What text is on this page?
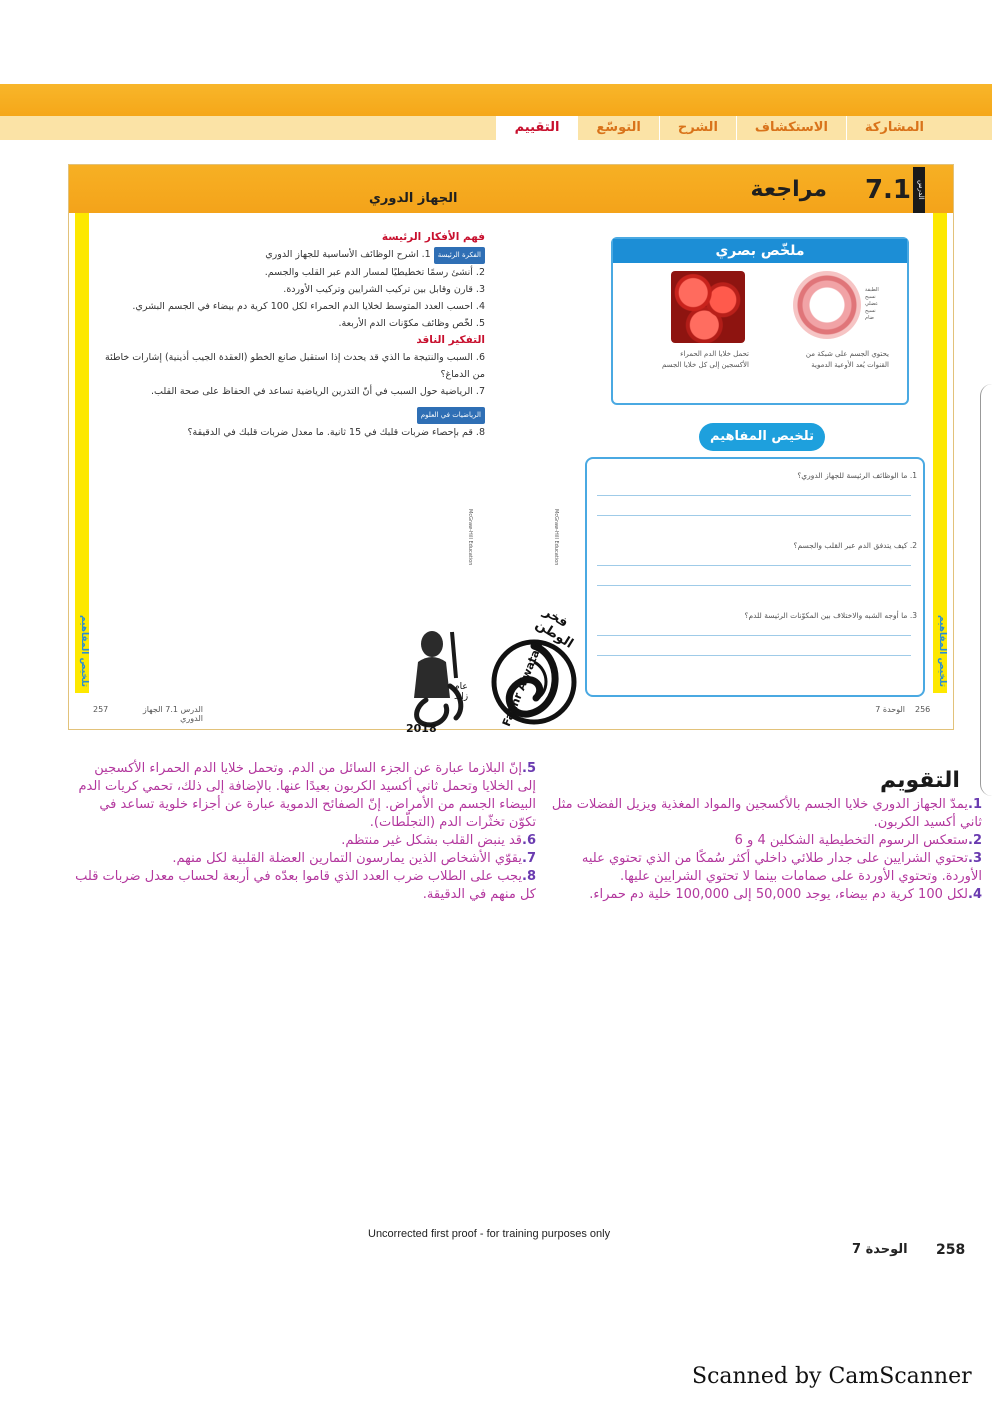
المشاركة
الاستكشاف
الشرح
التوسّع
التقييم
تلخيص المفاهيم	تلخيص المفاهيم
الدرس
7.1
مراجعة
الجهاز الدوري
فهم الأفكار الرئيسة
الفكرة الرئيسة 1. اشرح الوظائف الأساسية للجهاز الدوري
2. أنشئ رسمًا تخطيطيًا لمسار الدم عبر القلب والجسم.
3. قارن وقابل بين تركيب الشرايين وتركيب الأوردة.
4. احسب العدد المتوسط لخلايا الدم الحمراء لكل 100 كرية دم بيضاء في الجسم البشري.
5. لخّص وظائف مكوّنات الدم الأربعة.
التفكير الناقد
6. السبب والنتيجة ما الذي قد يحدث إذا استقبل صانع الخطو (العقدة الجيب أذينية) إشارات خاطئة من الدماغ؟
7. الرياضية حول السبب في أنّ التدرين الرياضية تساعد في الحفاظ على صحة القلب.
الرياضيات في العلوم
8. قم بإحصاء ضربات قلبك في 15 ثانية. ما معدل ضربات قلبك في الدقيقة؟
ملخّص بصري
الطبقة
نسيج
عضلي
نسيج
ضام
تحمل خلايا الدم الحمراء الأكسجين إلى كل خلايا الجسم
يحتوي الجسم على شبكة من القنوات يُعد الأوعية الدموية
تلخيص المفاهيم
1. ما الوظائف الرئيسة للجهاز الدوري؟
2. كيف يتدفق الدم عبر القلب والجسم؟
3. ما أوجه الشبه والاختلاف بين المكوّنات الرئيسة للدم؟
McGraw-Hill Education	McGraw-Hill Education
257	الدرس 7.1 الجهاز الدوري
الوحدة 7 256
2018
عام زايد
فخر الوطن
Fakhr Alwatan
التقويم

1.يمدّ الجهاز الدوري خلايا الجسم بالأكسجين والمواد المغذية ويزيل الفضلات مثل ثاني أكسيد الكربون.

2.ستعكس الرسوم التخطيطية الشكلين 4 و 6

3.تحتوي الشرايين على جدار طلائي داخلي أكثر سُمكًا من الذي تحتوي عليه الأوردة. وتحتوي الأوردة على صمامات بينما لا تحتوي الشرايين عليها.

4.لكل 100 كرية دم بيضاء، يوجد 50,000 إلى 100,000 خلية دم حمراء.

5.إنّ البلازما عبارة عن الجزء السائل من الدم. وتحمل خلايا الدم الحمراء الأكسجين إلى الخلايا وتحمل ثاني أكسيد الكربون بعيدًا عنها. بالإضافة إلى ذلك، تحمي كريات الدم البيضاء الجسم من الأمراض. إنّ الصفائح الدموية عبارة عن أجزاء خلوية تساعد في تكوّن تخثّرات الدم (التجلّطات).

6.قد ينبض القلب بشكل غير منتظم.

7.يقوّي الأشخاص الذين يمارسون التمارين العضلة القلبية لكل منهم.

8.يجب على الطلاب ضرب العدد الذي قاموا بعدّه في أربعة لحساب معدل ضربات قلب كل منهم في الدقيقة.

Uncorrected first proof - for training purposes only
الوحدة 7 258
Scanned by CamScanner
